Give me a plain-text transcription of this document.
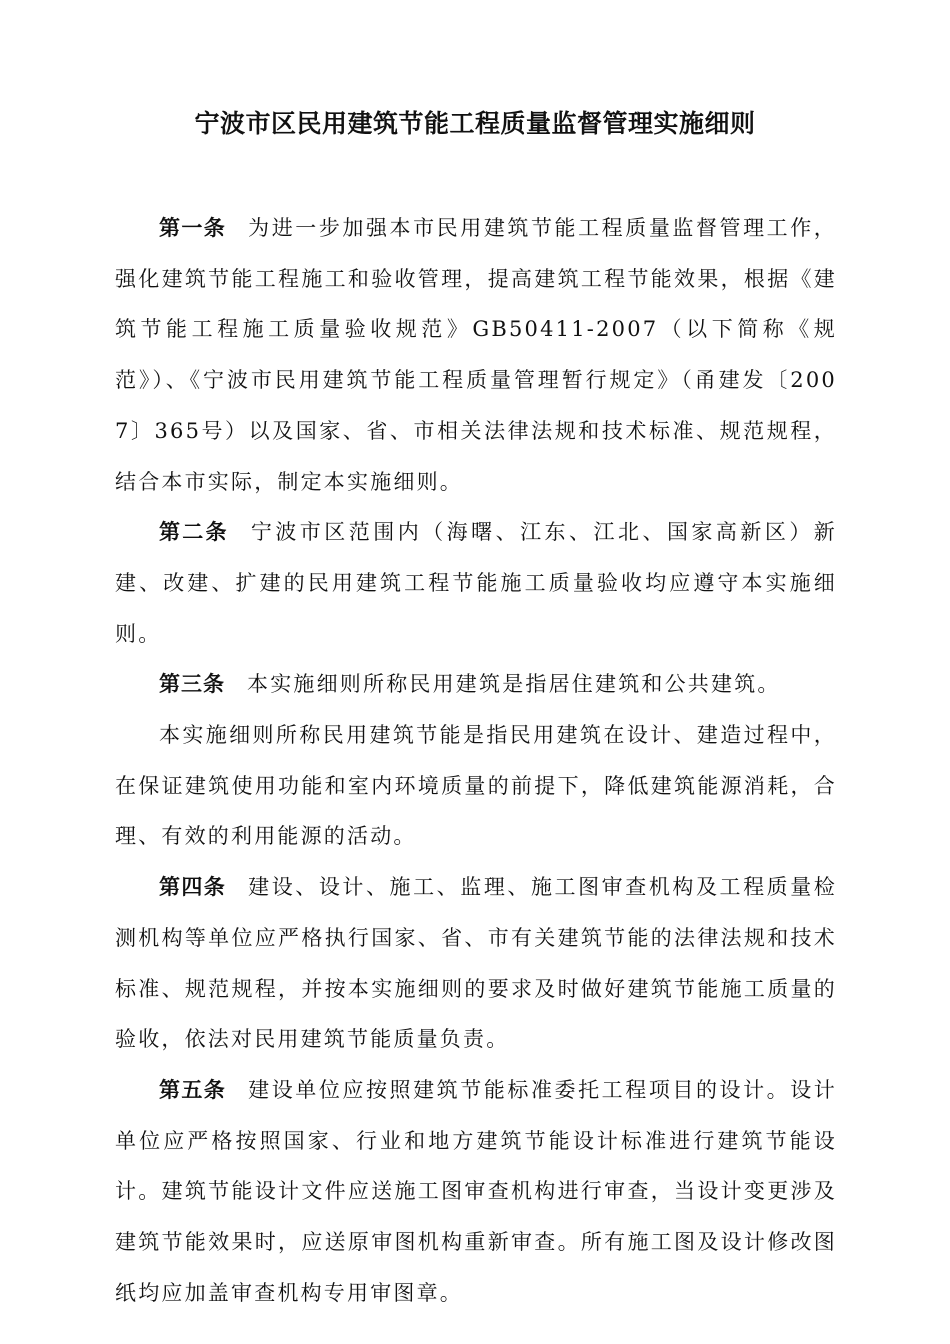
宁波市区民用建筑节能工程质量监督管理实施细则

第一条 为进一步加强本市民用建筑节能工程质量监督管理工作，强化建筑节能工程施工和验收管理，提高建筑工程节能效果，根据《建筑节能工程施工质量验收规范》GB50411-2007（以下简称《规范》）、《宁波市民用建筑节能工程质量管理暂行规定》（甬建发〔2007〕365号）以及国家、省、市相关法律法规和技术标准、规范规程，结合本市实际，制定本实施细则。

第二条 宁波市区范围内（海曙、江东、江北、国家高新区）新建、改建、扩建的民用建筑工程节能施工质量验收均应遵守本实施细则。

第三条 本实施细则所称民用建筑是指居住建筑和公共建筑。

本实施细则所称民用建筑节能是指民用建筑在设计、建造过程中，在保证建筑使用功能和室内环境质量的前提下，降低建筑能源消耗，合理、有效的利用能源的活动。

第四条 建设、设计、施工、监理、施工图审查机构及工程质量检测机构等单位应严格执行国家、省、市有关建筑节能的法律法规和技术标准、规范规程，并按本实施细则的要求及时做好建筑节能施工质量的验收，依法对民用建筑节能质量负责。

第五条 建设单位应按照建筑节能标准委托工程项目的设计。设计单位应严格按照国家、行业和地方建筑节能设计标准进行建筑节能设计。建筑节能设计文件应送施工图审查机构进行审查，当设计变更涉及建筑节能效果时，应送原审图机构重新审查。所有施工图及设计修改图纸均应加盖审查机构专用审图章。
